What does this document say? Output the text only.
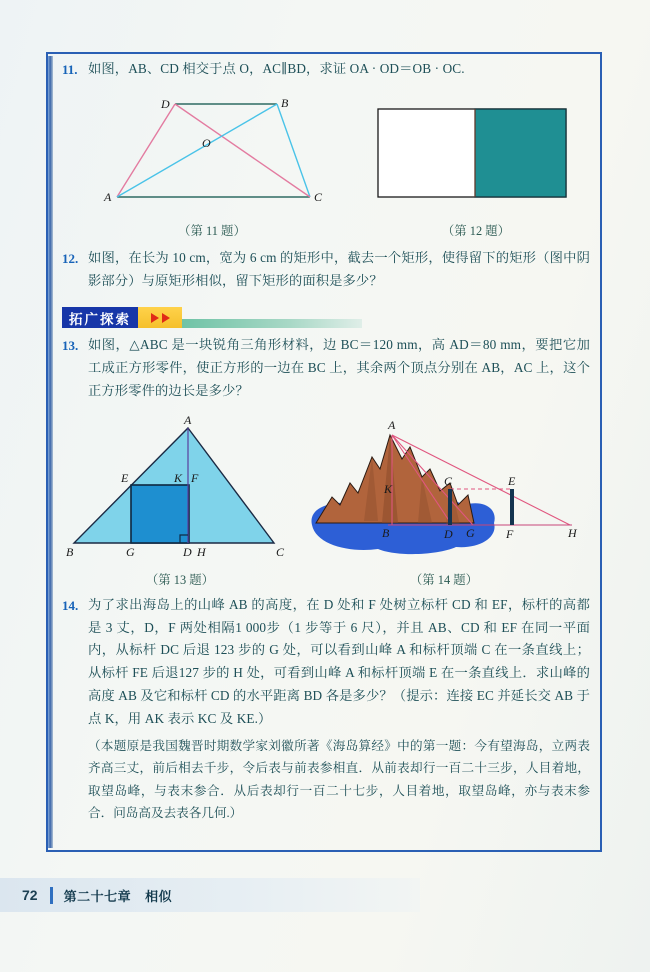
11. 如图，AB、CD 相交于点 O，AC∥BD，求证 OA · OD＝OB · OC.
D	B
A	C
O
（第 11 题）	（第 12 題）
12. 如图，在长为 10 cm，宽为 6 cm 的矩形中，截去一个矩形，使得留下的矩形（图中阴影部分）与原矩形相似，留下矩形的面积是多少？
拓广探索
13. 如图，△ABC 是一块锐角三角形材料，边 BC＝120 mm，高 AD＝80 mm，要把它加工成正方形零件，使正方形的一边在 BC 上，其余两个顶点分别在 AB，AC 上，这个正方形零件的边长是多少？
A
B	C
D
E	F
G	H
K
（第 13 题）
A
B
C
D
E
F
G	H
K
（第 14 题）
14. 为了求出海岛上的山峰 AB 的高度，在 D 处和 F 处树立标杆 CD 和 EF，标杆的高都是 3 丈，D，F 两处相隔1 000步（1 步等于 6 尺），并且 AB、CD 和 EF 在同一平面内，从标杆 DC 后退 123 步的 G 处，可以看到山峰 A 和标杆顶端 C 在一条直线上；从标杆 FE 后退127 步的 H 处，可看到山峰 A 和标杆顶端 E 在一条直线上．求山峰的高度 AB 及它和标杆 CD 的水平距离 BD 各是多少？（提示：连接 EC 并延长交 AB 于点 K，用 AK 表示 KC 及 KE.）
（本题原是我国魏晋时期数学家刘徽所著《海岛算经》中的第一题：今有望海岛，立两表齐高三丈，前后相去千步，令后表与前表参相直．从前表却行一百二十三步，人目着地，取望岛峰，与表末参合．从后表却行一百二十七步，人目着地，取望岛峰，亦与表末参合．问岛高及去表各几何.）
72 第二十七章 相似
